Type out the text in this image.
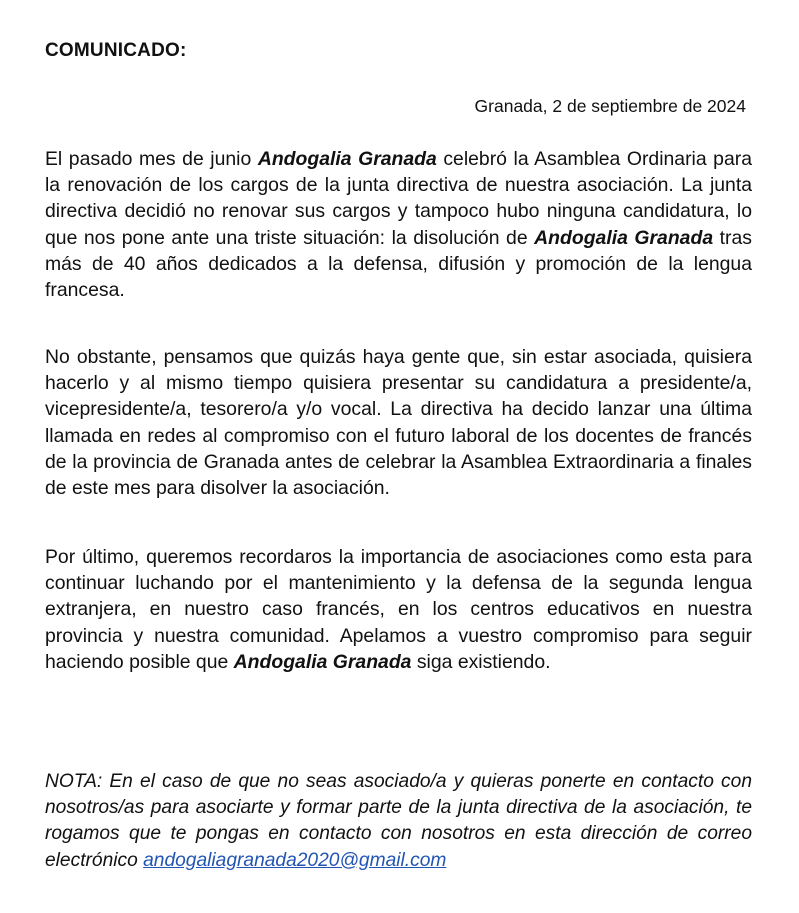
COMUNICADO:
Granada, 2 de septiembre de 2024

El pasado mes de junio Andogalia Granada celebró la Asamblea Ordinaria para la renovación de los cargos de la junta directiva de nuestra asociación. La junta directiva decidió no renovar sus cargos y tampoco hubo ninguna candidatura, lo que nos pone ante una triste situación: la disolución de Andogalia Granada tras más de 40 años dedicados a la defensa, difusión y promoción de la lengua francesa.

No obstante, pensamos que quizás haya gente que, sin estar asociada, quisiera hacerlo y al mismo tiempo quisiera presentar su candidatura a presidente/a, vicepresidente/a, tesorero/a y/o vocal. La directiva ha decido lanzar una última llamada en redes al compromiso con el futuro laboral de los docentes de francés de la provincia de Granada antes de celebrar la Asamblea Extraordinaria a finales de este mes para disolver la asociación.

Por último, queremos recordaros la importancia de asociaciones como esta para continuar luchando por el mantenimiento y la defensa de la segunda lengua extranjera, en nuestro caso francés, en los centros educativos en nuestra provincia y nuestra comunidad. Apelamos a vuestro compromiso para seguir haciendo posible que Andogalia Granada siga existiendo.

NOTA: En el caso de que no seas asociado/a y quieras ponerte en contacto con nosotros/as para asociarte y formar parte de la junta directiva de la asociación, te rogamos que te pongas en contacto con nosotros en esta dirección de correo electrónico andogaliagranada2020@gmail.com
